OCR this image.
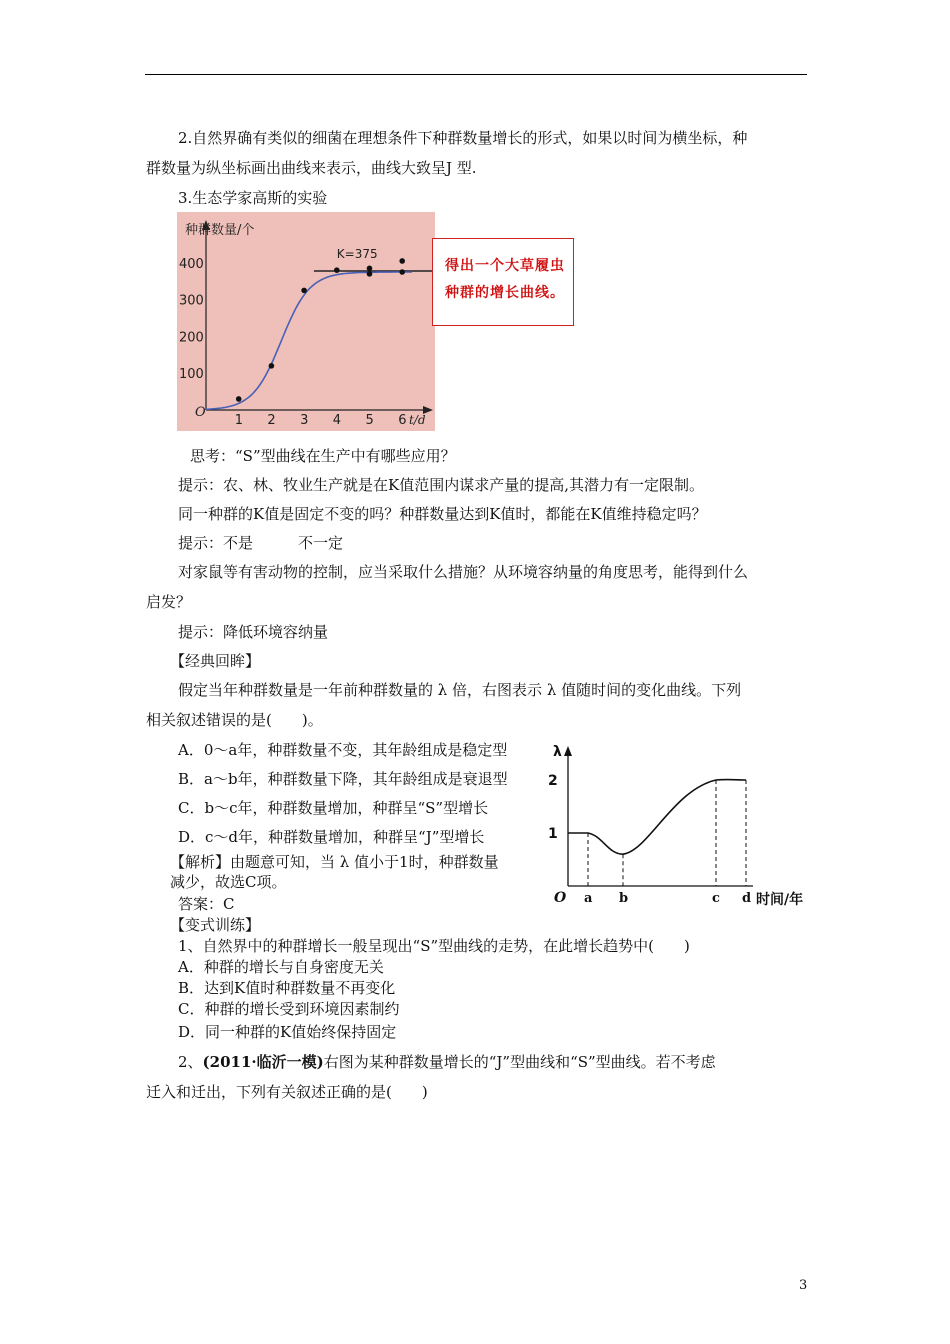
2.自然界确有类似的细菌在理想条件下种群数量增长的形式，如果以时间为横坐标，种
群数量为纵坐标画出曲线来表示，曲线大致呈J 型.
3.生态学家高斯的实验
种群数量/个
t/d
O
100
200
300
400
1 2 3 4 5 6
K=375
得出一个大草履虫种群的增长曲线。
思考：“S”型曲线在生产中有哪些应用？
提示：农、林、牧业生产就是在K值范围内谋求产量的提高,其潜力有一定限制。
同一种群的K值是固定不变的吗？种群数量达到K值时，都能在K值维持稳定吗？
提示：不是　　　不一定
对家鼠等有害动物的控制，应当采取什么措施？从环境容纳量的角度思考，能得到什么
启发？
提示：降低环境容纳量
【经典回眸】
假定当年种群数量是一年前种群数量的 λ 倍，右图表示 λ 值随时间的变化曲线。下列
相关叙述错误的是(　　)。
A．0～a年，种群数量不变，其年龄组成是稳定型
B．a～b年，种群数量下降，其年龄组成是衰退型
C．b～c年，种群数量增加，种群呈“S”型增长
D．c～d年，种群数量增加，种群呈“J”型增长
【解析】由题意可知，当 λ 值小于1时，种群数量
减少，故选C项。
答案：C
【变式训练】
1、自然界中的种群增长一般呈现出“S”型曲线的走势，在此增长趋势中(　　)
A．种群的增长与自身密度无关
B．达到K值时种群数量不再变化
C．种群的增长受到环境因素制约
D．同一种群的K值始终保持固定
2、(2011·临沂一模)右图为某种群数量增长的“J”型曲线和“S”型曲线。若不考虑
迁入和迁出，下列有关叙述正确的是(　　)
λ
O	时间/年
1
2
a b	c d
3
